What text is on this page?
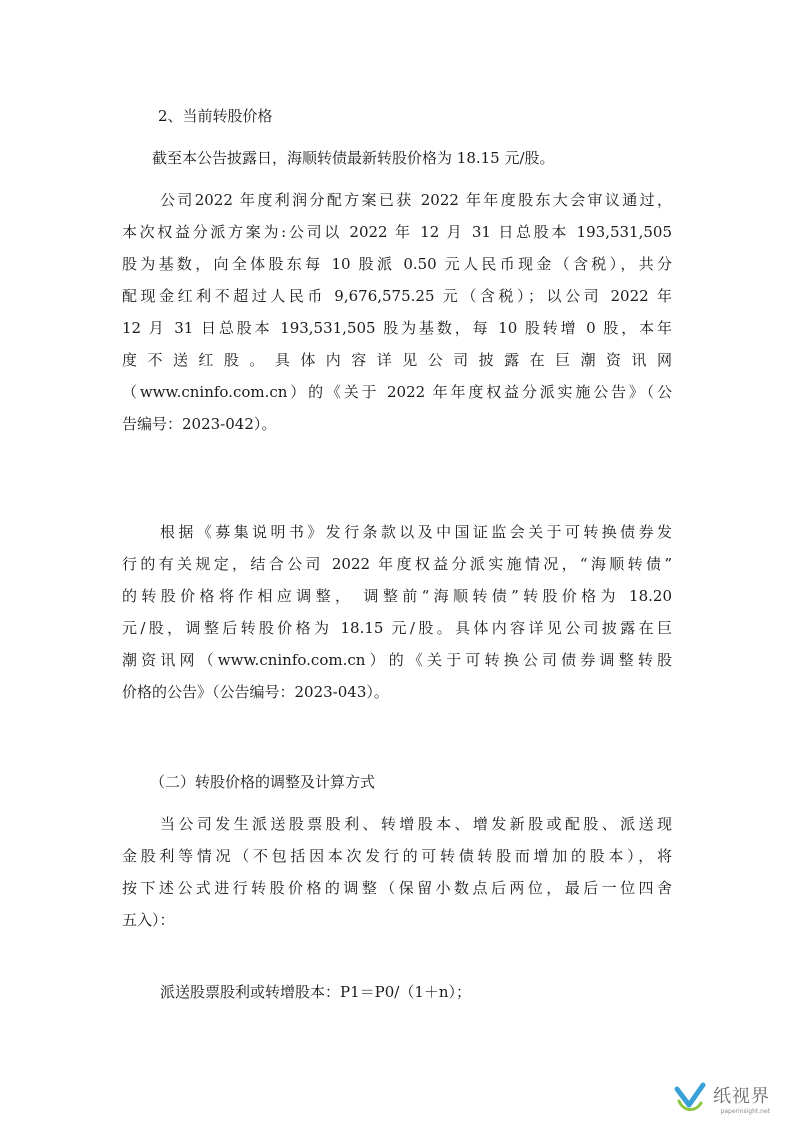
2、当前转股价格
截至本公告披露日，海顺转债最新转股价格为 18.15 元/股。
公司2022 年度利润分配方案已获 2022 年年度股东大会审议通过，
本次权益分派方案为:公司以 2022 年 12 月 31 日总股本 193,531,505
股为基数，向全体股东每 10 股派 0.50 元人民币现金（含税），共分
配现金红利不超过人民币 9,676,575.25 元（含税）；以公司 2022 年
12 月 31 日总股本 193,531,505 股为基数，每 10 股转增 0 股，本年
度 不 送 红 股 。 具 体 内 容 详 见 公 司 披 露 在 巨 潮 资 讯 网
（www.cninfo.com.cn）的《关于 2022 年年度权益分派实施公告》（公
告编号：2023-042）。
根据《募集说明书》发行条款以及中国证监会关于可转换债券发
行的有关规定，结合公司 2022 年度权益分派实施情况，“海顺转债”
的转股价格将作相应调整， 调整前“海顺转债”转股价格为 18.20
元/股，调整后转股价格为 18.15 元/股。具体内容详见公司披露在巨
潮资讯网（www.cninfo.com.cn）的《关于可转换公司债券调整转股
价格的公告》（公告编号：2023-043）。
（二）转股价格的调整及计算方式
当公司发生派送股票股利、转增股本、增发新股或配股、派送现
金股利等情况（不包括因本次发行的可转债转股而增加的股本），将
按下述公式进行转股价格的调整（保留小数点后两位，最后一位四舍
五入）：
派送股票股利或转增股本：P1＝P0/（1＋n）；
纸视界
paperinsight.net
